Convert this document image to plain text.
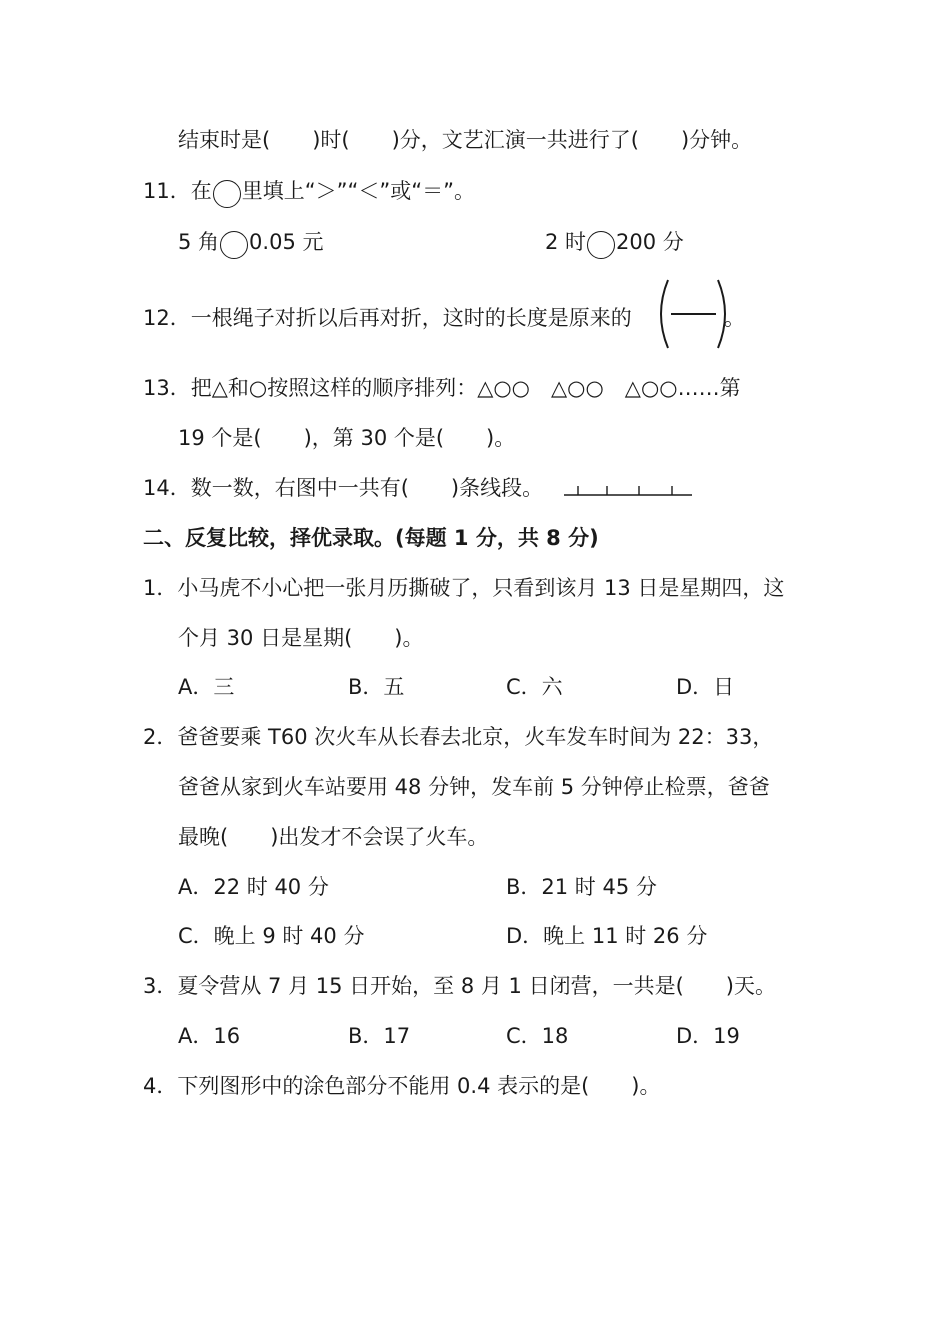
结束时是(　　)时(　　)分，文艺汇演一共进行了(　　)分钟。
11．在 里填上“＞”“＜”或“＝”。
5 角 0.05 元	2 时 200 分
12．一根绳子对折以后再对折，这时的长度是原来的	。
13．把△和○按照这样的顺序排列：△○○　△○○　△○○……第
19 个是(　　)，第 30 个是(　　)。
14．数一数，右图中一共有(　　)条线段。
二、反复比较，择优录取。(每题 1 分，共 8 分)
1．小马虎不小心把一张月历撕破了，只看到该月 13 日是星期四，这
个月 30 日是星期(　　)。
A．三	B．五	C．六	D．日
2．爸爸要乘 T60 次火车从长春去北京，火车发车时间为 22：33，
爸爸从家到火车站要用 48 分钟，发车前 5 分钟停止检票，爸爸
最晚(　　)出发才不会误了火车。
A．22 时 40 分	B．21 时 45 分
C．晚上 9 时 40 分	D．晚上 11 时 26 分
3．夏令营从 7 月 15 日开始，至 8 月 1 日闭营，一共是(　　)天。
A．16	B．17	C．18	D．19
4．下列图形中的涂色部分不能用 0.4 表示的是(　　)。
